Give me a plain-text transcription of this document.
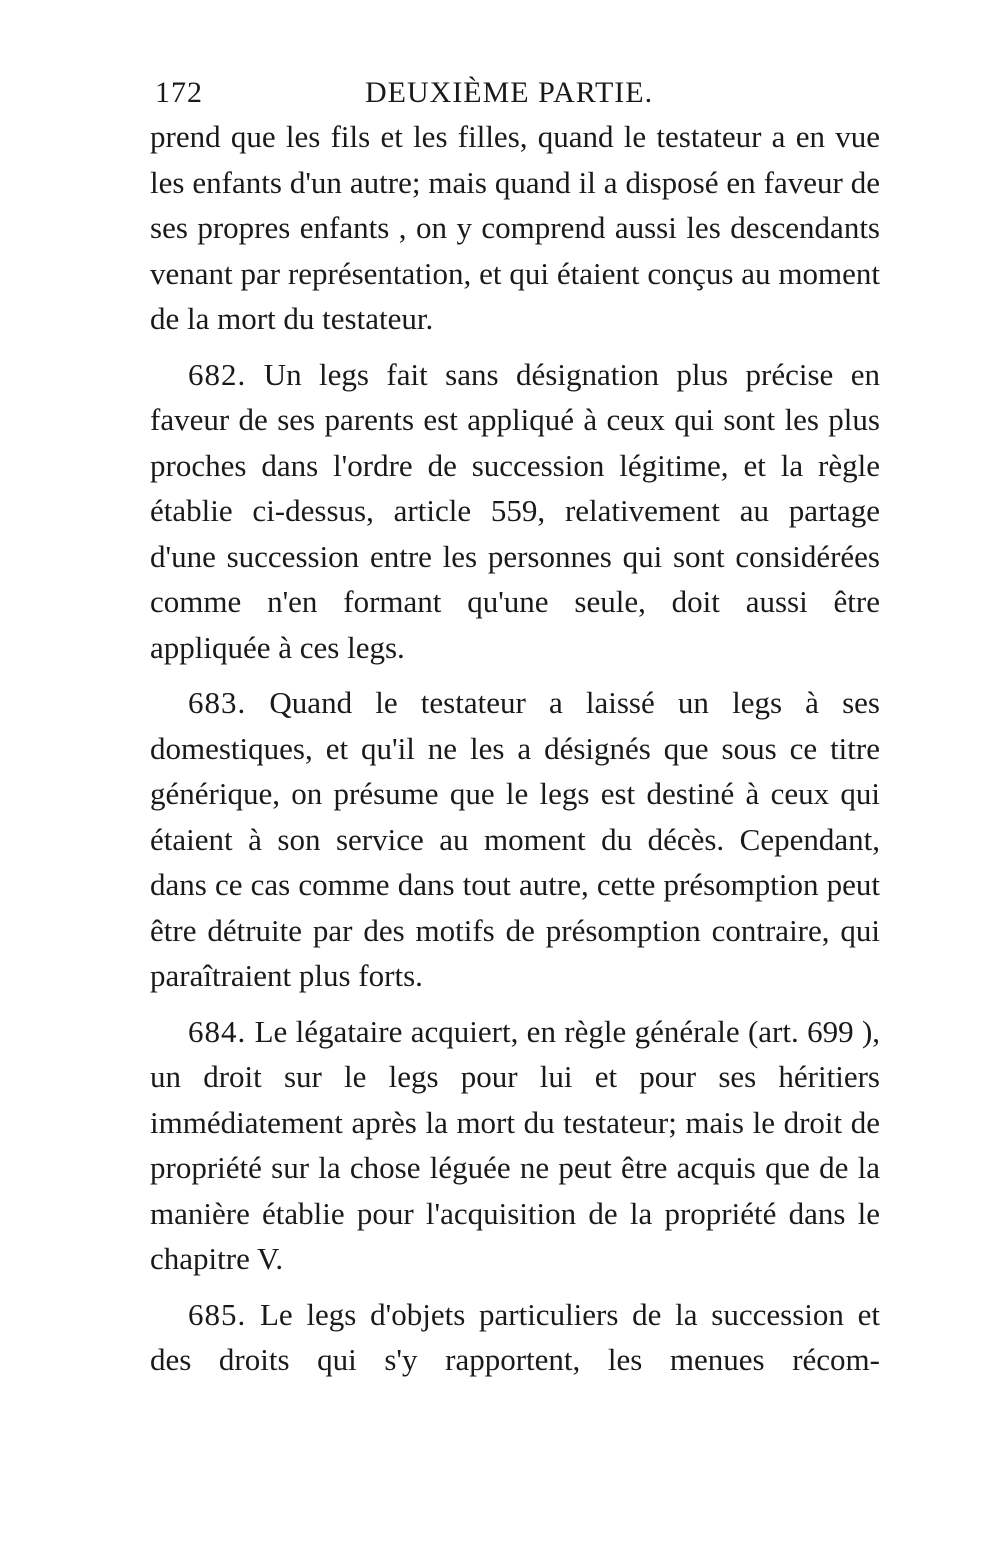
172	DEUXIÈME PARTIE.

prend que les fils et les filles, quand le testateur a en vue les enfants d'un autre; mais quand il a disposé en faveur de ses propres enfants , on y comprend aussi les descendants venant par représentation, et qui étaient conçus au moment de la mort du testateur.

682. Un legs fait sans désignation plus précise en faveur de ses parents est appliqué à ceux qui sont les plus proches dans l'ordre de succession légitime, et la règle établie ci-dessus, article 559, relativement au partage d'une succession entre les personnes qui sont considérées comme n'en formant qu'une seule, doit aussi être appliquée à ces legs.

683. Quand le testateur a laissé un legs à ses domestiques, et qu'il ne les a désignés que sous ce titre générique, on présume que le legs est destiné à ceux qui étaient à son service au moment du décès. Cependant, dans ce cas comme dans tout autre, cette présomption peut être détruite par des motifs de présomption contraire, qui paraîtraient plus forts.

684. Le légataire acquiert, en règle générale (art. 699 ), un droit sur le legs pour lui et pour ses héritiers immédiatement après la mort du testateur; mais le droit de propriété sur la chose léguée ne peut être acquis que de la manière établie pour l'acquisition de la propriété dans le chapitre V.

685. Le legs d'objets particuliers de la succession et des droits qui s'y rapportent, les menues récom-
